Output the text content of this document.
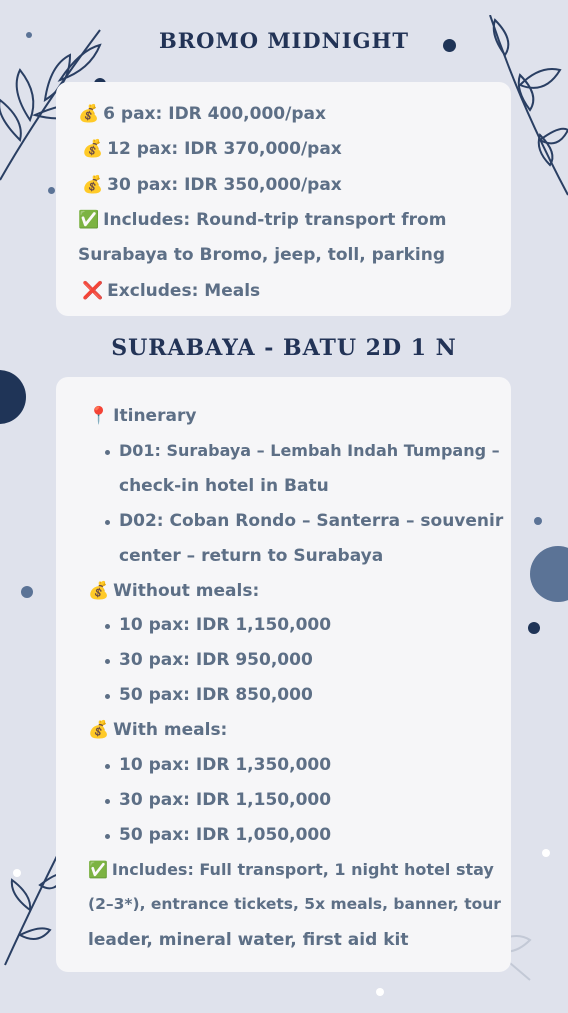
BROMO MIDNIGHT
💰 6 pax: IDR 400,000/pax
💰 12 pax: IDR 370,000/pax
💰 30 pax: IDR 350,000/pax
✅ Includes: Round-trip transport from
Surabaya to Bromo, jeep, toll, parking
❌ Excludes: Meals
SURABAYA - BATU 2D 1 N
📍 Itinerary
D01: Surabaya – Lembah Indah Tumpang –
check-in hotel in Batu
D02: Coban Rondo – Santerra – souvenir
center – return to Surabaya
💰 Without meals:
10 pax: IDR 1,150,000
30 pax: IDR 950,000
50 pax: IDR 850,000
💰 With meals:
10 pax: IDR 1,350,000
30 pax: IDR 1,150,000
50 pax: IDR 1,050,000
✅ Includes: Full transport, 1 night hotel stay
(2–3*), entrance tickets, 5x meals, banner, tour
leader, mineral water, first aid kit
